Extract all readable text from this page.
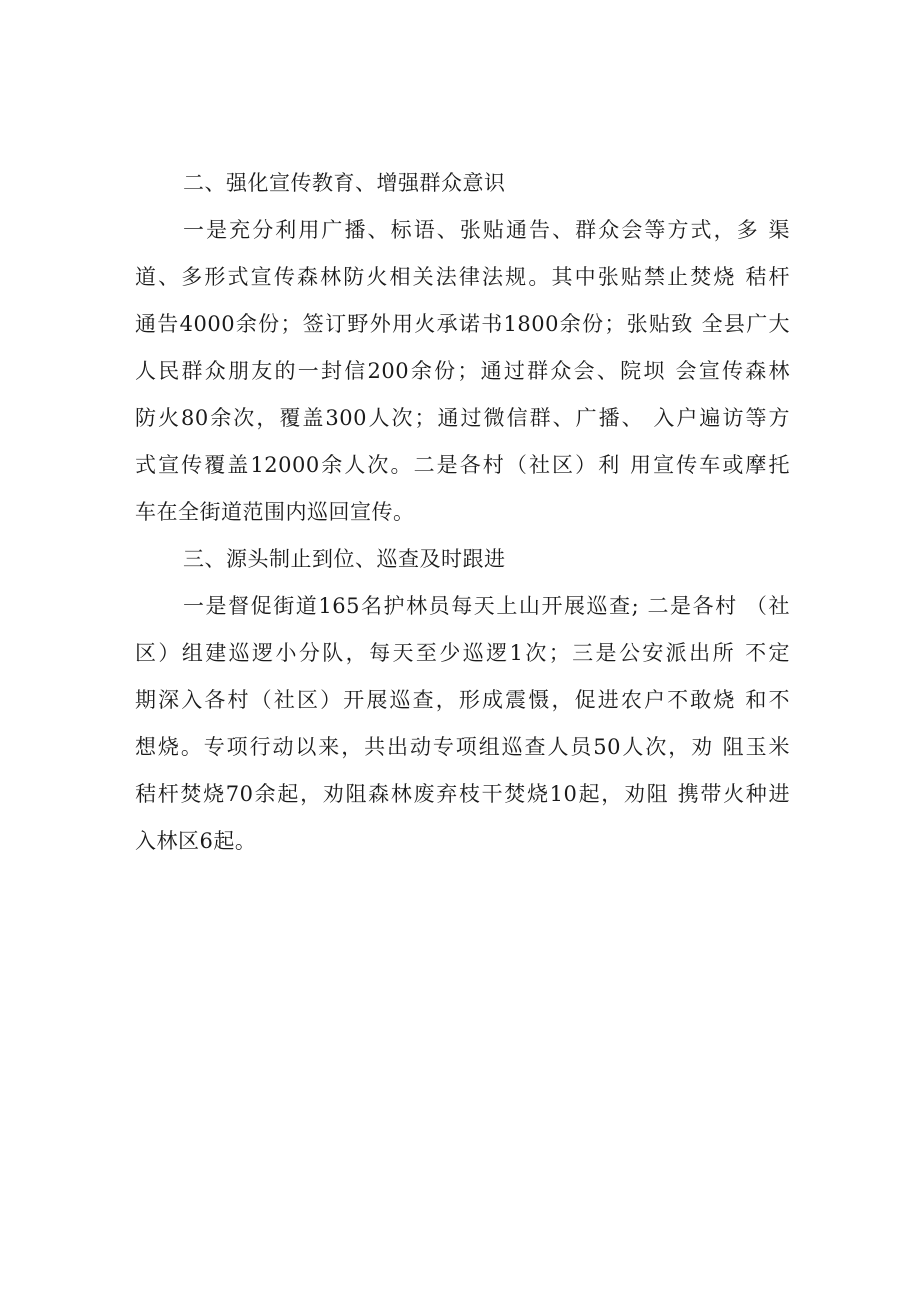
二、强化宣传教育、增强群众意识
一是充分利用广播、标语、张贴通告、群众会等方式，多 渠
道、多形式宣传森林防火相关法律法规。其中张贴禁止焚烧 秸杆
通告4000余份；签订野外用火承诺书1800余份；张贴致 全县广大
人民群众朋友的一封信200余份；通过群众会、院坝 会宣传森林
防火80余次，覆盖300人次；通过微信群、广播、 入户遍访等方
式宣传覆盖12000余人次。二是各村（社区）利 用宣传车或摩托
车在全街道范围内巡回宣传。
三、源头制止到位、巡查及时跟进
一是督促街道165名护林员每天上山开展巡查; 二是各村 （社
区）组建巡逻小分队，每天至少巡逻1次；三是公安派出所 不定
期深入各村（社区）开展巡查，形成震慑，促进农户不敢烧 和不
想烧。专项行动以来，共出动专项组巡查人员50人次，劝 阻玉米
秸杆焚烧70余起，劝阻森林废弃枝干焚烧10起，劝阻 携带火种进
入林区6起。
